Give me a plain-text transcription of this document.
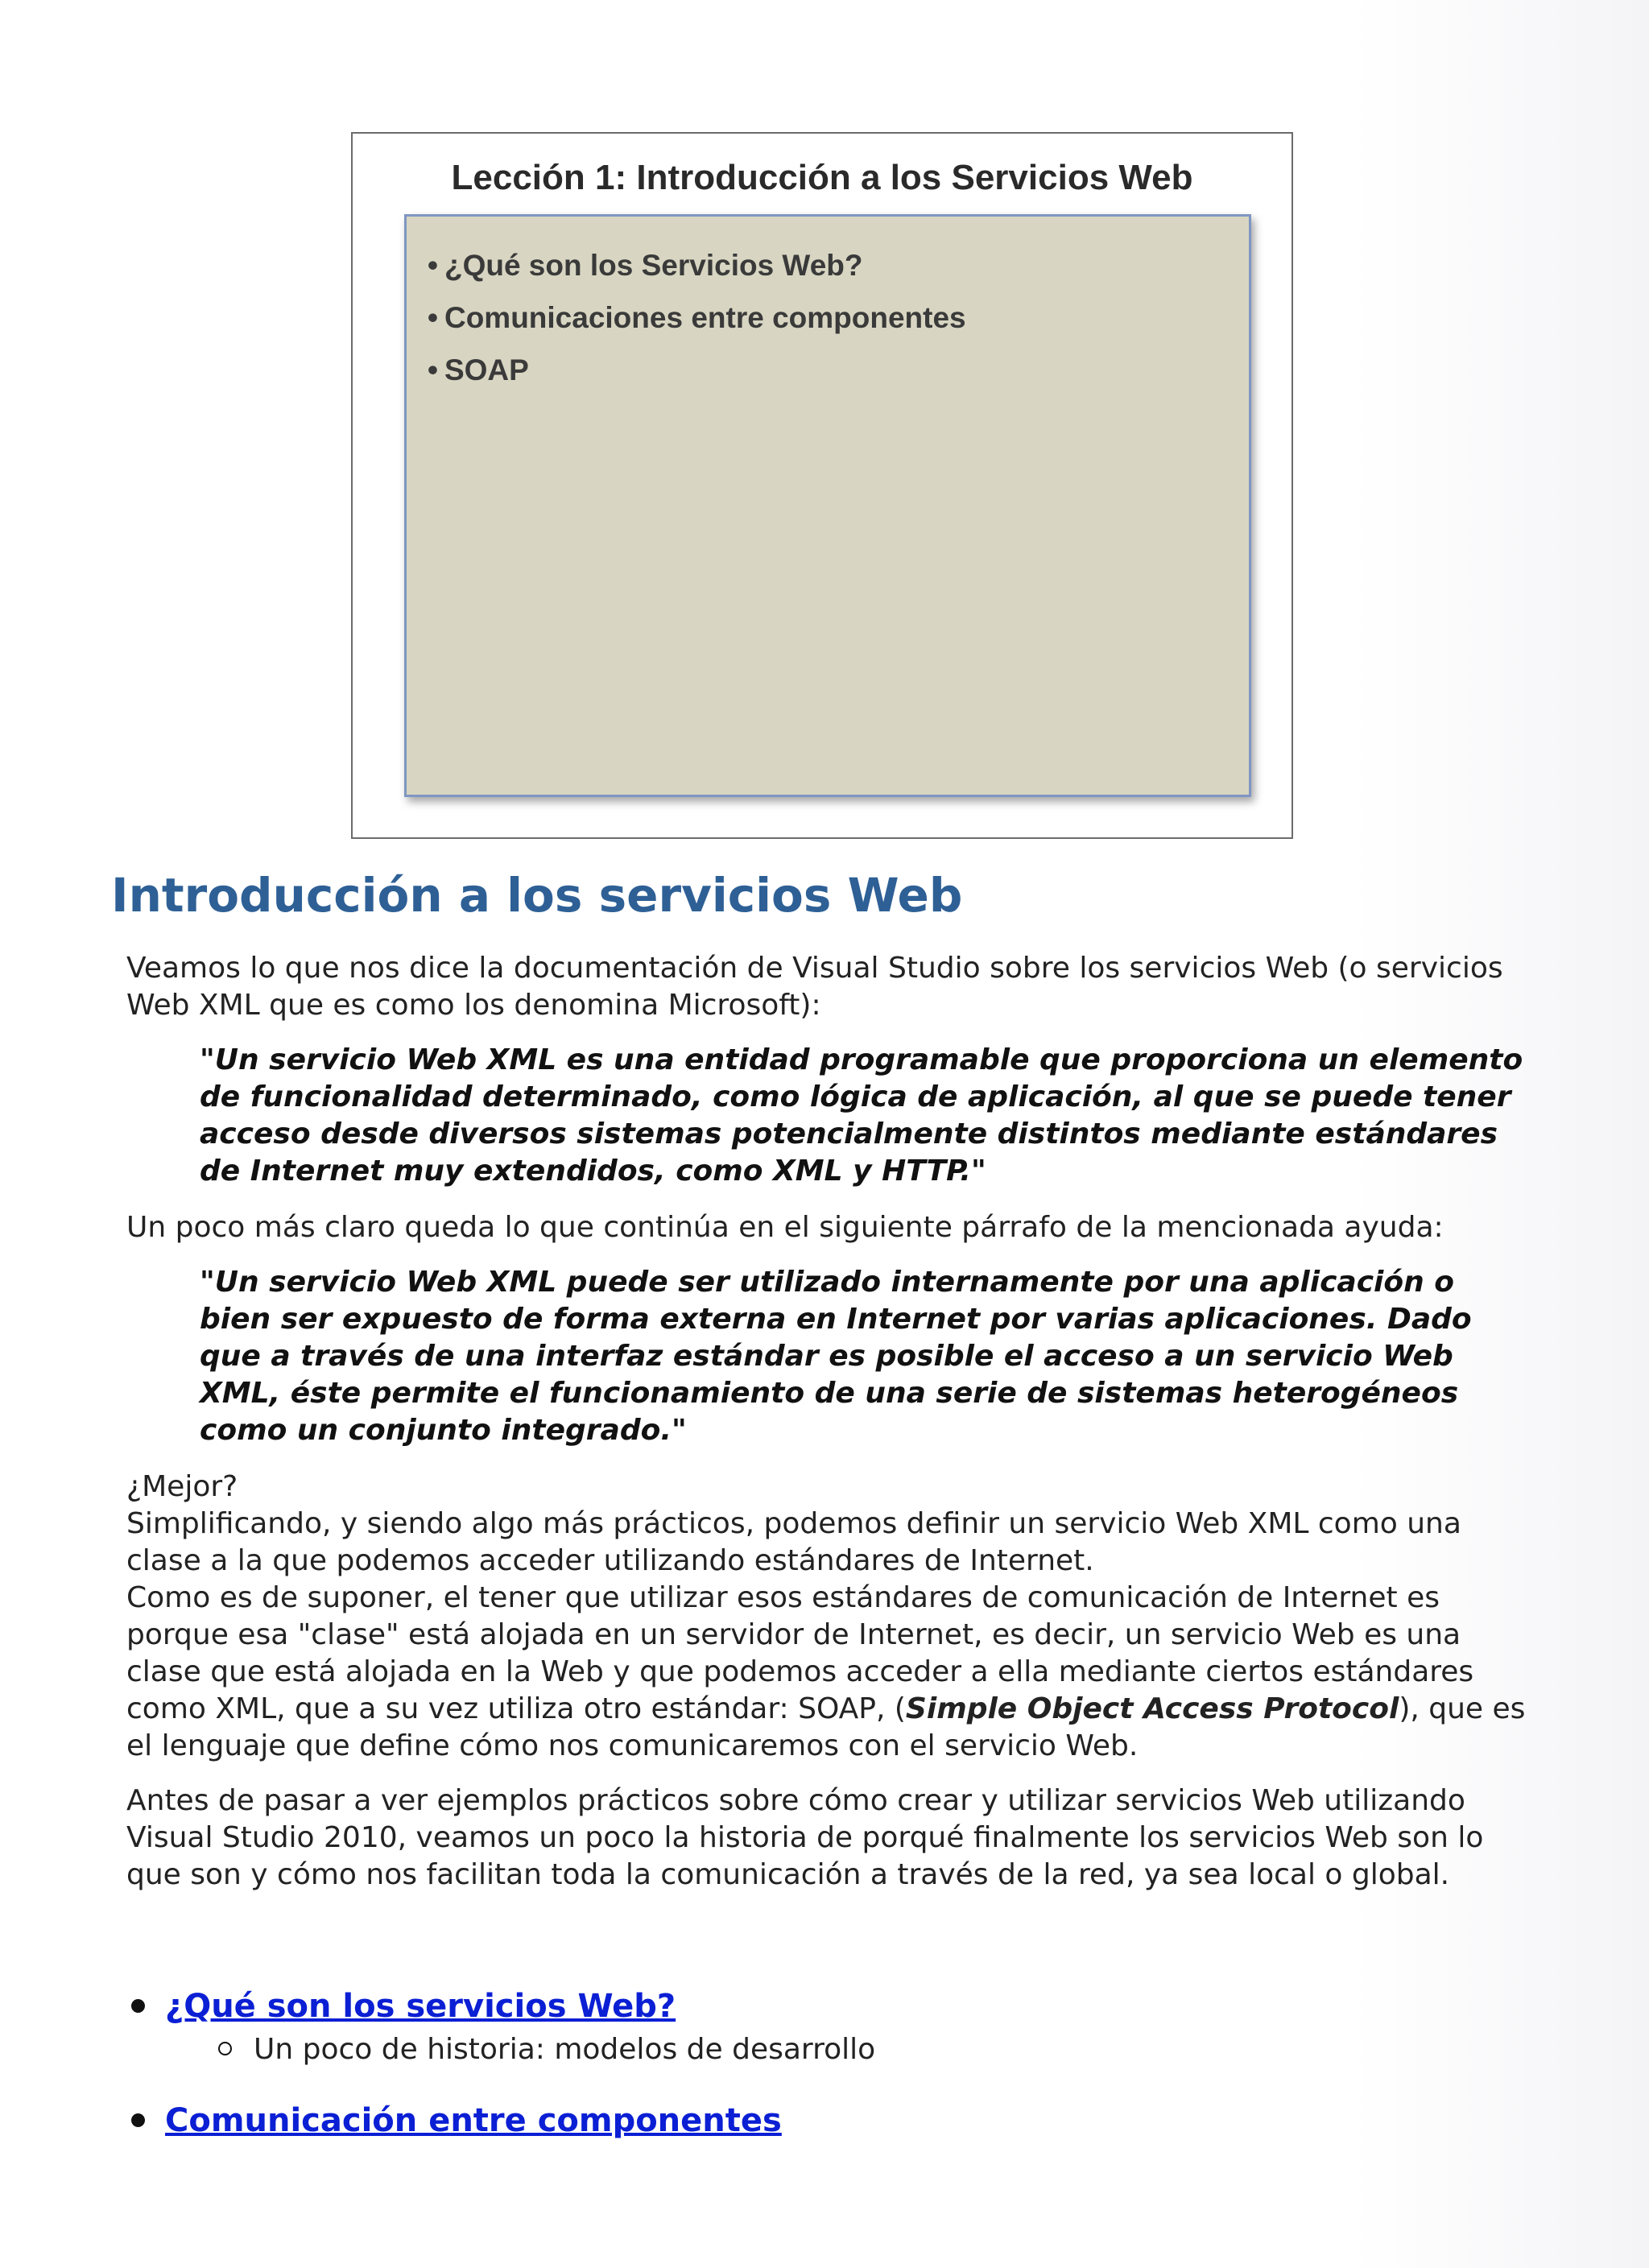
Lección 1: Introducción a los Servicios Web
• ¿Qué son los Servicios Web?
• Comunicaciones entre componentes
• SOAP
Introducción a los servicios Web

Veamos lo que nos dice la documentación de Visual Studio sobre los servicios Web (o servicios Web XML que es como los denomina Microsoft):

"Un servicio Web XML es una entidad programable que proporciona un elemento de funcionalidad determinado, como lógica de aplicación, al que se puede tener acceso desde diversos sistemas potencialmente distintos mediante estándares de Internet muy extendidos, como XML y HTTP."

Un poco más claro queda lo que continúa en el siguiente párrafo de la mencionada ayuda:

"Un servicio Web XML puede ser utilizado internamente por una aplicación o bien ser expuesto de forma externa en Internet por varias aplicaciones. Dado que a través de una interfaz estándar es posible el acceso a un servicio Web XML, éste permite el funcionamiento de una serie de sistemas heterogéneos como un conjunto integrado."

¿Mejor?

Simplificando, y siendo algo más prácticos, podemos definir un servicio Web XML como una clase a la que podemos acceder utilizando estándares de Internet.

Como es de suponer, el tener que utilizar esos estándares de comunicación de Internet es porque esa "clase" está alojada en un servidor de Internet, es decir, un servicio Web es una clase que está alojada en la Web y que podemos acceder a ella mediante ciertos estándares como XML, que a su vez utiliza otro estándar: SOAP, (Simple Object Access Protocol), que es el lenguaje que define cómo nos comunicaremos con el servicio Web.

Antes de pasar a ver ejemplos prácticos sobre cómo crear y utilizar servicios Web utilizando Visual Studio 2010, veamos un poco la historia de porqué finalmente los servicios Web son lo que son y cómo nos facilitan toda la comunicación a través de la red, ya sea local o global.

¿Qué son los servicios Web?
Un poco de historia: modelos de desarrollo
Comunicación entre componentes
